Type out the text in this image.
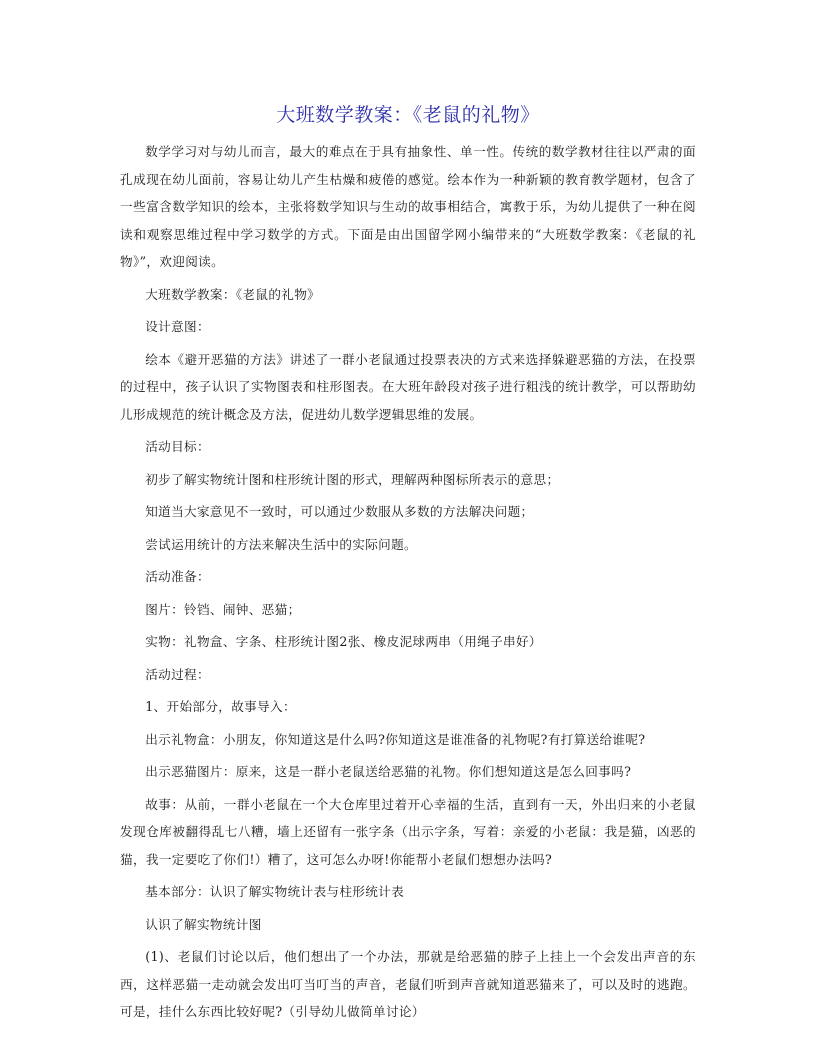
大班数学教案：《老鼠的礼物》

数学学习对与幼儿而言，最大的难点在于具有抽象性、单一性。传统的数学教材往往以严肃的面孔成现在幼儿面前，容易让幼儿产生枯燥和疲倦的感觉。绘本作为一种新颖的教育教学题材，包含了一些富含数学知识的绘本，主张将数学知识与生动的故事相结合，寓教于乐，为幼儿提供了一种在阅读和观察思维过程中学习数学的方式。下面是由出国留学网小编带来的“大班数学教案：《老鼠的礼物》”，欢迎阅读。

大班数学教案：《老鼠的礼物》

设计意图：

绘本《避开恶猫的方法》讲述了一群小老鼠通过投票表决的方式来选择躲避恶猫的方法，在投票的过程中，孩子认识了实物图表和柱形图表。在大班年龄段对孩子进行粗浅的统计教学，可以帮助幼儿形成规范的统计概念及方法，促进幼儿数学逻辑思维的发展。

活动目标：

初步了解实物统计图和柱形统计图的形式，理解两种图标所表示的意思；

知道当大家意见不一致时，可以通过少数服从多数的方法解决问题；

尝试运用统计的方法来解决生活中的实际问题。

活动准备：

图片：铃铛、闹钟、恶猫；

实物：礼物盒、字条、柱形统计图2张、橡皮泥球两串（用绳子串好）

活动过程：

1、开始部分，故事导入：

出示礼物盒：小朋友，你知道这是什么吗?你知道这是谁准备的礼物呢?有打算送给谁呢?

出示恶猫图片：原来，这是一群小老鼠送给恶猫的礼物。你们想知道这是怎么回事吗?

故事：从前，一群小老鼠在一个大仓库里过着开心幸福的生活，直到有一天，外出归来的小老鼠发现仓库被翻得乱七八糟，墙上还留有一张字条（出示字条，写着：亲爱的小老鼠：我是猫，凶恶的猫，我一定要吃了你们!）糟了，这可怎么办呀!你能帮小老鼠们想想办法吗?

基本部分：认识了解实物统计表与柱形统计表

认识了解实物统计图

(1)、老鼠们讨论以后，他们想出了一个办法，那就是给恶猫的脖子上挂上一个会发出声音的东西，这样恶猫一走动就会发出叮当叮当的声音，老鼠们听到声音就知道恶猫来了，可以及时的逃跑。可是，挂什么东西比较好呢?（引导幼儿做简单讨论）
